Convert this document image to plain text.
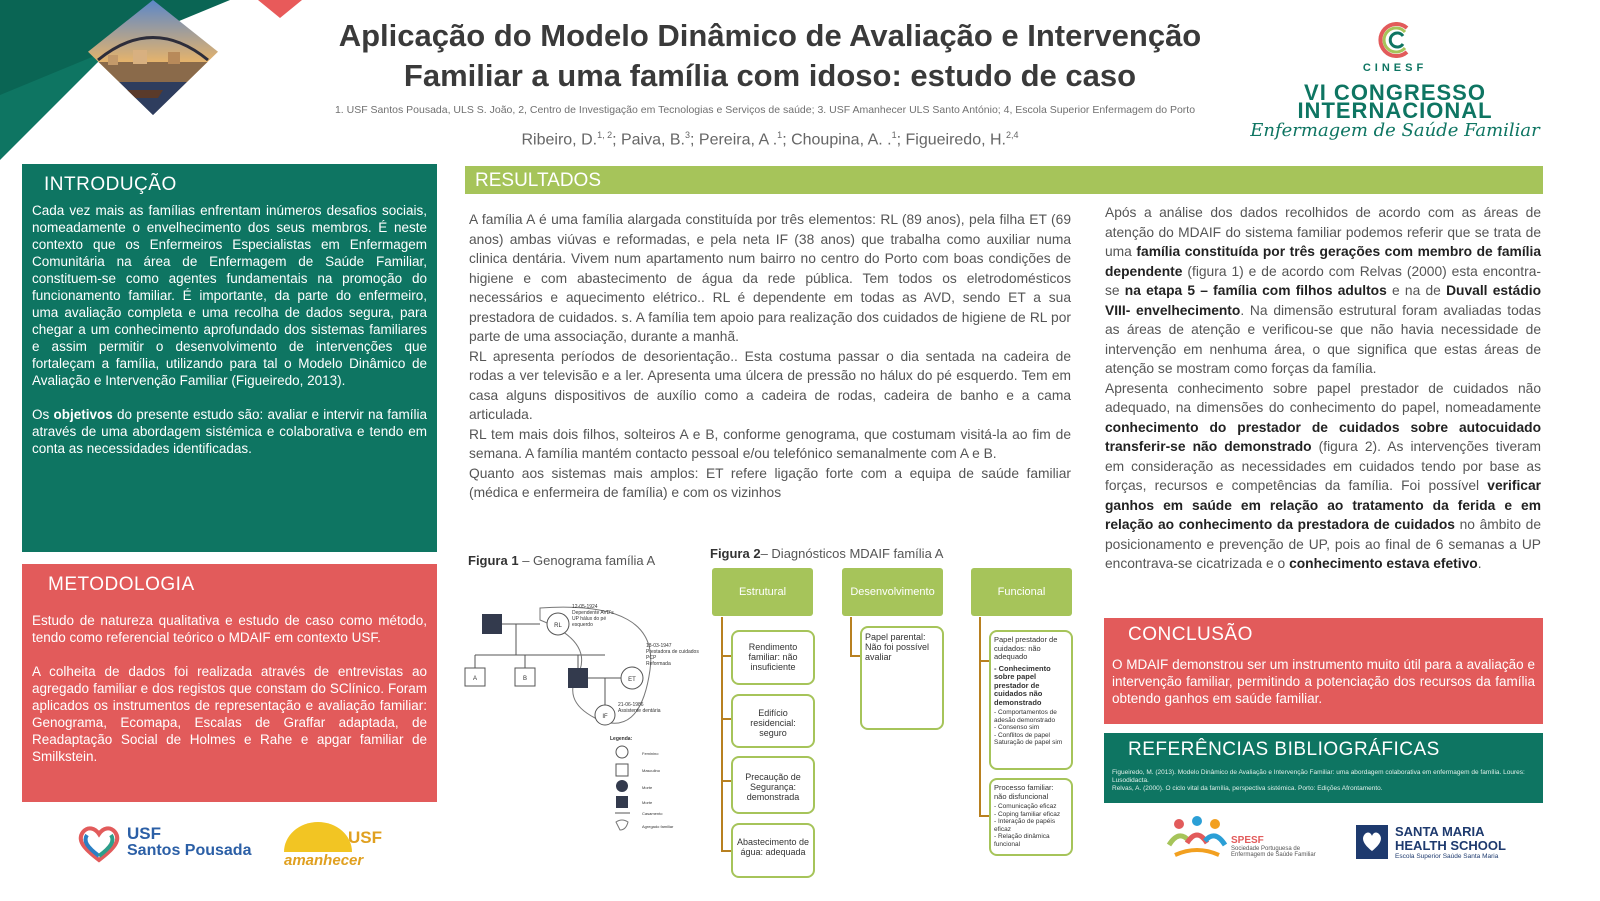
Aplicação do Modelo Dinâmico de Avaliação e Intervenção
Familiar a uma família com idoso: estudo de caso
1. USF Santos Pousada, ULS S. João, 2, Centro de Investigação em Tecnologias e Serviços de saúde; 3. USF Amanhecer ULS Santo António; 4, Escola Superior Enfermagem do Porto
Ribeiro, D.$^{1, 2}$; Paiva, B.$^3$; Pereira, A .$^1$; Choupina, A. .$^1$; Figueiredo, H.$^{2,4}$
CINESF
VI CONGRESSO
INTERNACIONAL
Enfermagem de Saúde Familiar
INTRODUÇÃO

Cada vez mais as famílias enfrentam inúmeros desafios sociais, nomeadamente o envelhecimento dos seus membros. É neste contexto que os Enfermeiros Especialistas em Enfermagem Comunitária na área de Enfermagem de Saúde Familiar, constituem-se como agentes fundamentais na promoção do funcionamento familiar. É importante, da parte do enfermeiro, uma avaliação completa e uma recolha de dados segura, para chegar a um conhecimento aprofundado dos sistemas familiares e assim permitir o desenvolvimento de intervenções que fortaleçam a família, utilizando para tal o Modelo Dinâmico de Avaliação e Intervenção Familiar (Figueiredo, 2013).

Os objetivos do presente estudo são: avaliar e intervir na família através de uma abordagem sistémica e colaborativa e tendo em conta as necessidades identificadas.

METODOLOGIA

Estudo de natureza qualitativa e estudo de caso como método, tendo como referencial teórico o MDAIF em contexto USF.

A colheita de dados foi realizada através de entrevistas ao agregado familiar e dos registos que constam do SClínico. Foram aplicados os instrumentos de representação e avaliação familiar: Genograma, Ecomapa, Escalas de Graffar adaptada, de Readaptação Social de Holmes e Rahe e apgar familiar de Smilkstein.

RESULTADOS
A família A é uma família alargada constituída por três elementos: RL (89 anos), pela filha ET (69 anos) ambas viúvas e reformadas, e pela neta IF (38 anos) que trabalha como auxiliar numa clinica dentária. Vivem num apartamento num bairro no centro do Porto com boas condições de higiene e com abastecimento de água da rede pública. Tem todos os eletrodomésticos necessários e aquecimento elétrico.. RL é dependente em todas as AVD, sendo ET a sua prestadora de cuidados. s. A família tem apoio para realização dos cuidados de higiene de RL por parte de uma associação, durante a manhã.
RL apresenta períodos de desorientação.. Esta costuma passar o dia sentada na cadeira de rodas a ver televisão e a ler. Apresenta uma úlcera de pressão no hálux do pé esquerdo. Tem em casa alguns dispositivos de auxílio como a cadeira de rodas, cadeira de banho e a cama articulada.
RL tem mais dois filhos, solteiros A e B, conforme genograma, que costumam visitá-la ao fim de semana. A família mantém contacto pessoal e/ou telefónico semanalmente com A e B.
Quanto aos sistemas mais amplos: ET refere ligação forte com a equipa de saúde familiar (médica e enfermeira de família) e com os vizinhos
Após a análise dos dados recolhidos de acordo com as áreas de atenção do MDAIF do sistema familiar podemos referir que se trata de uma família constituída por três gerações com membro de família dependente (figura 1) e de acordo com Relvas (2000) esta encontra-se na etapa 5 – família com filhos adultos e na de Duvall estádio VIII- envelhecimento. Na dimensão estrutural foram avaliadas todas as áreas de atenção e verificou-se que não havia necessidade de intervenção em nenhuma área, o que significa que estas áreas de atenção se mostram como forças da família.
Apresenta conhecimento sobre papel prestador de cuidados não adequado, na dimensões do conhecimento do papel, nomeadamente conhecimento do prestador de cuidados sobre autocuidado transferir-se não demonstrado (figura 2). As intervenções tiveram em consideração as necessidades em cuidados tendo por base as forças, recursos e competências da família. Foi possível verificar ganhos em saúde em relação ao tratamento da ferida e em relação ao conhecimento da prestadora de cuidados no âmbito de posicionamento e prevenção de UP, pois ao final de 6 semanas a UP encontrava-se cicatrizada e o conhecimento estava efetivo.
Figura 1 – Genograma família A
RL
12-05-1924
Dependente AVD's
UP hálux do pé
esquerdo
A	B	ET
18-03-1947
Prestadora de cuidados
PCP
Reformada
IF
21-06-1986
Assistente dentária
Legenda:
Feminino
Masculino
Morte
Morte
Casamento
Agregado familiar
Figura 2– Diagnósticos MDAIF família A
Estrutural	Desenvolvimento	Funcional
Rendimento familiar: não insuficiente
Edifício residencial: seguro
Precaução de Segurança: demonstrada
Abastecimento de água: adequada
Papel parental: Não foi possível avaliar
Papel prestador de cuidados: não adequado
- Conhecimento sobre papel prestador de cuidados não demonstrado
- Comportamentos de adesão demonstrado
- Consenso sim
- Conflitos de papel
Saturação de papel sim
Processo familiar: não disfuncional
- Comunicação eficaz
- Coping familiar eficaz
- Interação de papéis eficaz
- Relação dinâmica funcional
CONCLUSÃO

O MDAIF demonstrou ser um instrumento muito útil para a avaliação e intervenção familiar, permitindo a potenciação dos recursos da família obtendo ganhos em saúde familiar.

REFERÊNCIAS BIBLIOGRÁFICAS
Figueiredo, M. (2013). Modelo Dinâmico de Avaliação e Intervenção Familiar: uma abordagem colaborativa em enfermagem de família. Loures: Lusodidacta.
Relvas, A. (2000). O ciclo vital da família, perspectiva sistémica. Porto: Edições Afrontamento.
USF
Santos Pousada
USF
amanhecer
SPESF
Sociedade Portuguesa de
Enfermagem de Saúde Familiar
SANTA MARIA
HEALTH SCHOOL
Escola Superior Saúde Santa Maria
